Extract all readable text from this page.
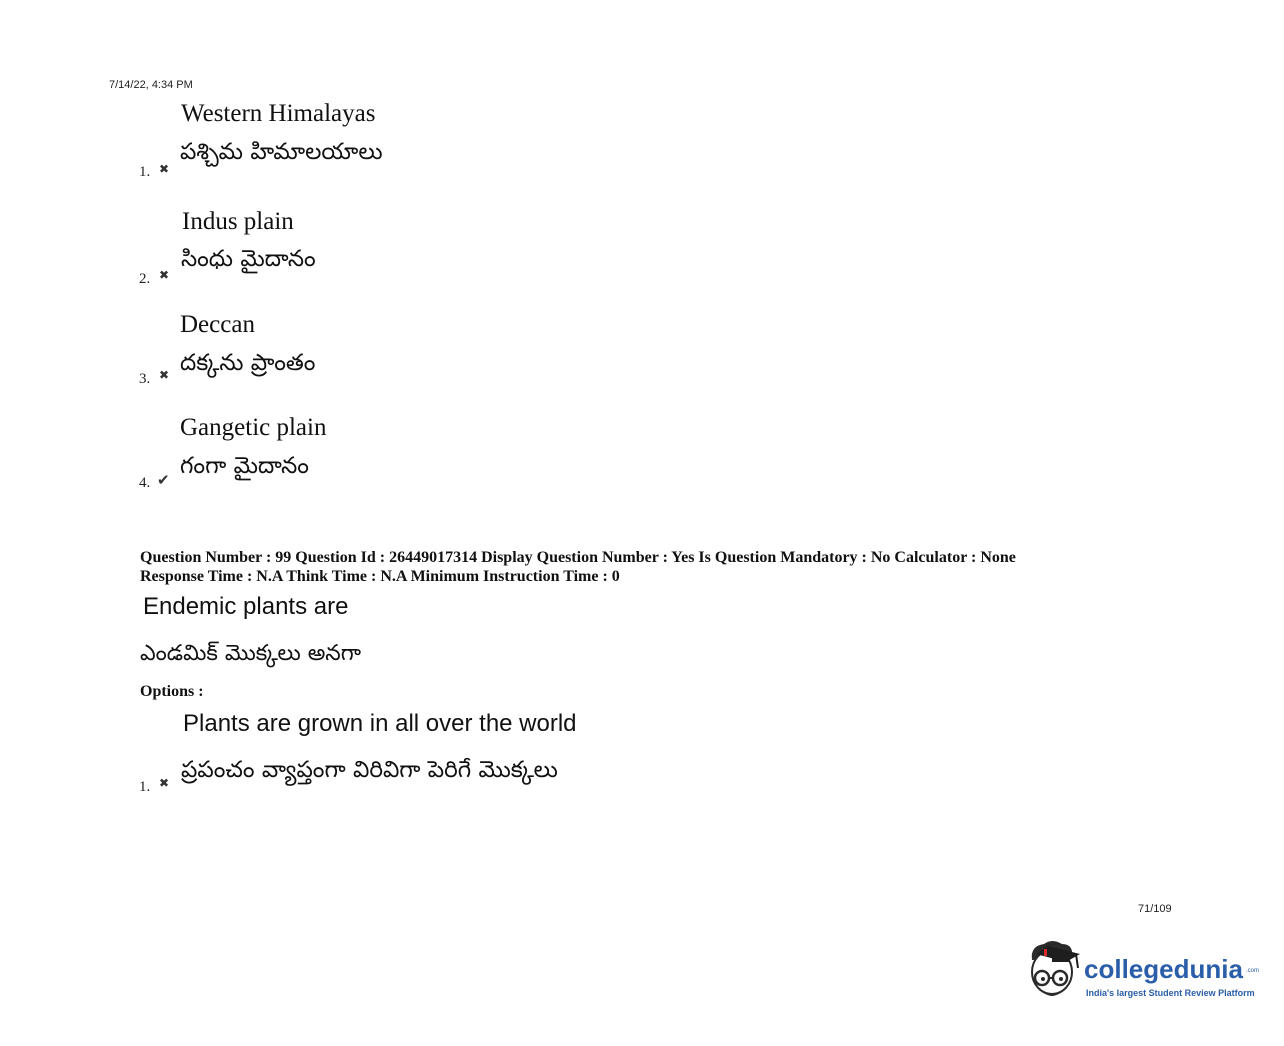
7/14/22, 4:34 PM
Western Himalayas
పశ్చిమ హిమాలయాలు
1. ✖
Indus plain
సింధు మైదానం
2. ✖
Deccan
దక్కను ప్రాంతం
3. ✖
Gangetic plain
గంగా మైదానం
4. ✔
Question Number : 99 Question Id : 26449017314 Display Question Number : Yes Is Question Mandatory : No Calculator : None
Response Time : N.A Think Time : N.A Minimum Instruction Time : 0
Endemic plants are
ఎండమిక్ మొక్కలు అనగా
Options :
Plants are grown in all over the world
ప్రపంచం వ్యాప్తంగా విరివిగా పెరిగే మొక్కలు
1. ✖
71/109
collegedunia .com
India's largest Student Review Platform
